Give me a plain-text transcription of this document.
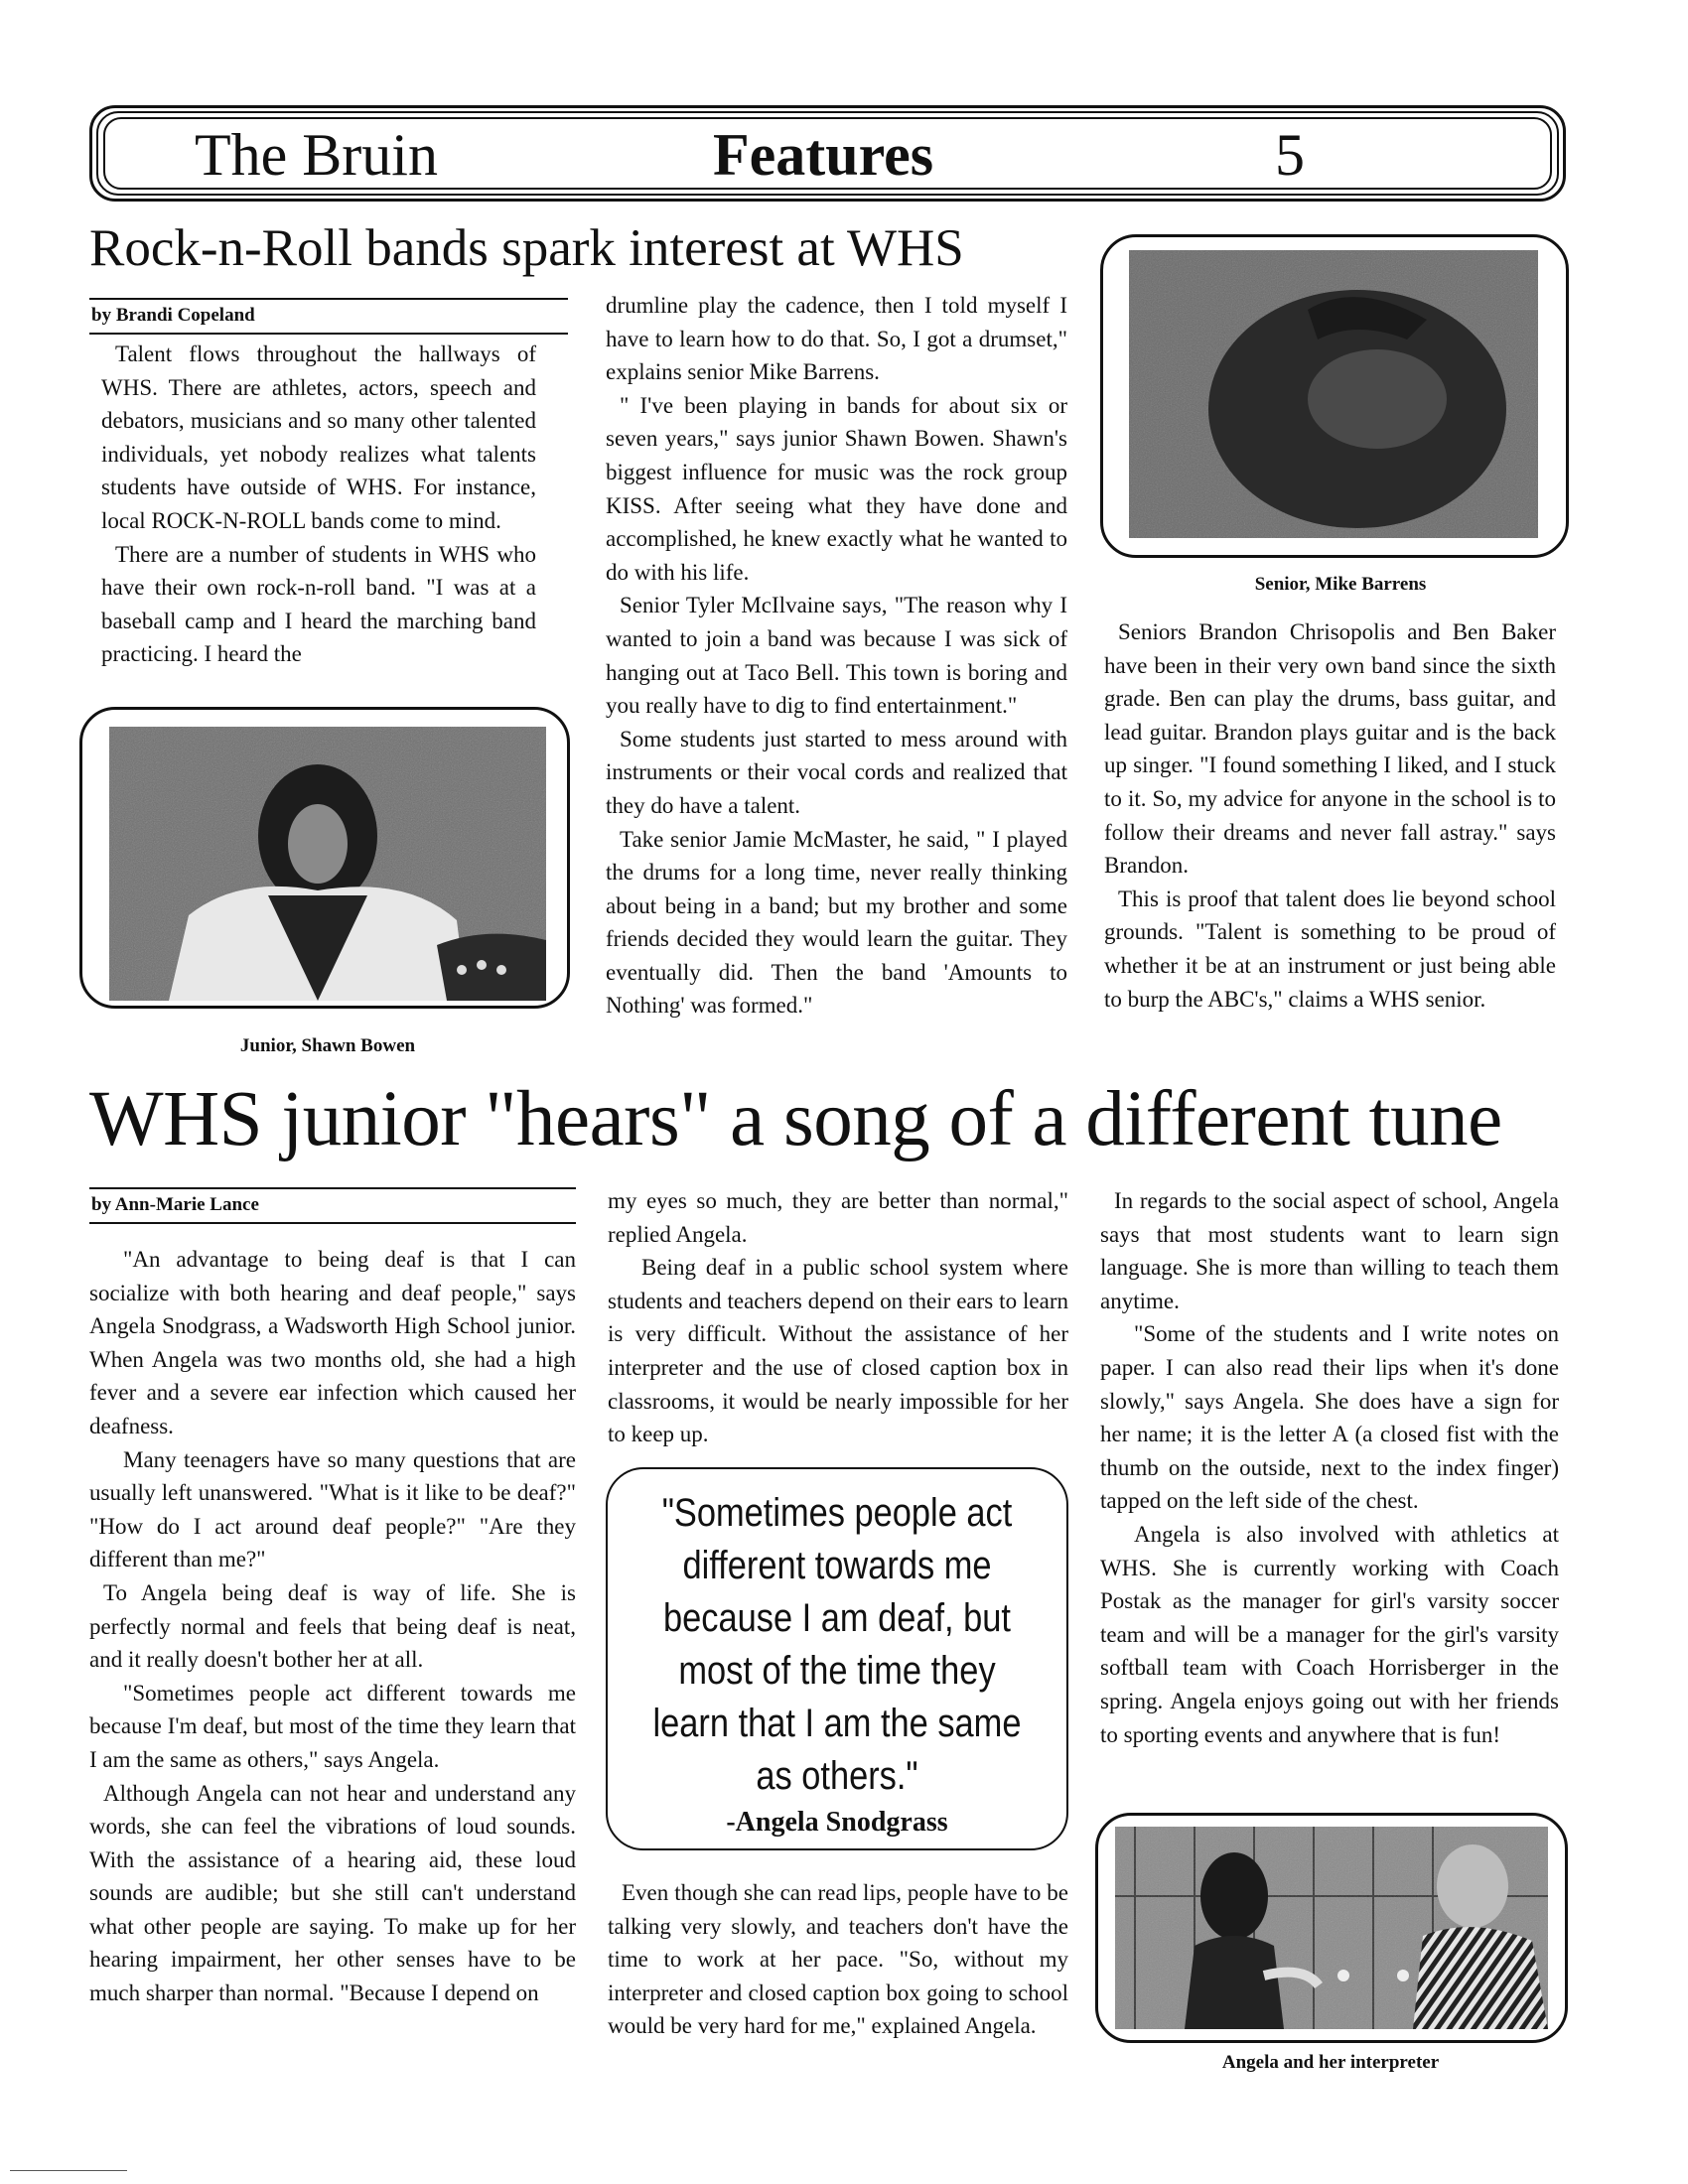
The Bruin	Features	5
Rock-n-Roll bands spark interest at WHS
by Brandi Copeland

Talent flows throughout the hallways of WHS. There are athletes, actors, speech and debators, musicians and so many other talented individuals, yet nobody realizes what talents students have outside of WHS. For instance, local ROCK-N-ROLL bands come to mind.

There are a number of students in WHS who have their own rock-n-roll band. "I was at a baseball camp and I heard the marching band practicing. I heard the

Junior, Shawn Bowen

drumline play the cadence, then I told myself I have to learn how to do that. So, I got a drumset," explains senior Mike Barrens.

" I've been playing in bands for about six or seven years," says junior Shawn Bowen. Shawn's biggest influence for music was the rock group KISS. After seeing what they have done and accomplished, he knew exactly what he wanted to do with his life.

Senior Tyler McIlvaine says, "The reason why I wanted to join a band was because I was sick of hanging out at Taco Bell. This town is boring and you really have to dig to find entertainment."

Some students just started to mess around with instruments or their vocal cords and realized that they do have a talent.

Take senior Jamie McMaster, he said, " I played the drums for a long time, never really thinking about being in a band; but my brother and some friends decided they would learn the guitar. They eventually did. Then the band 'Amounts to Nothing' was formed."

Senior, Mike Barrens

Seniors Brandon Chrisopolis and Ben Baker have been in their very own band since the sixth grade. Ben can play the drums, bass guitar, and lead guitar. Brandon plays guitar and is the back up singer. "I found something I liked, and I stuck to it. So, my advice for anyone in the school is to follow their dreams and never fall astray." says Brandon.

This is proof that talent does lie beyond school grounds. "Talent is something to be proud of whether it be at an instrument or just being able to burp the ABC's," claims a WHS senior.

WHS junior "hears" a song of a different tune
by Ann-Marie Lance

"An advantage to being deaf is that I can socialize with both hearing and deaf people," says Angela Snodgrass, a Wadsworth High School junior. When Angela was two months old, she had a high fever and a severe ear infection which caused her deafness.

Many teenagers have so many questions that are usually left unanswered. "What is it like to be deaf?" "How do I act around deaf people?" "Are they different than me?"

To Angela being deaf is way of life. She is perfectly normal and feels that being deaf is neat, and it really doesn't bother her at all.

"Sometimes people act different towards me because I'm deaf, but most of the time they learn that I am the same as others," says Angela.

Although Angela can not hear and understand any words, she can feel the vibrations of loud sounds. With the assistance of a hearing aid, these loud sounds are audible; but she still can't understand what other people are saying. To make up for her hearing impairment, her other senses have to be much sharper than normal. "Because I depend on

my eyes so much, they are better than normal," replied Angela.

Being deaf in a public school system where students and teachers depend on their ears to learn is very difficult. Without the assistance of her interpreter and the use of closed caption box in classrooms, it would be nearly impossible for her to keep up.

"Sometimes people act different towards me because I am deaf, but most of the time they learn that I am the same as others."
-Angela Snodgrass

Even though she can read lips, people have to be talking very slowly, and teachers don't have the time to work at her pace. "So, without my interpreter and closed caption box going to school would be very hard for me," explained Angela.

In regards to the social aspect of school, Angela says that most students want to learn sign language. She is more than willing to teach them anytime.

"Some of the students and I write notes on paper. I can also read their lips when it's done slowly," says Angela. She does have a sign for her name; it is the letter A (a closed fist with the thumb on the outside, next to the index finger) tapped on the left side of the chest.

Angela is also involved with athletics at WHS. She is currently working with Coach Postak as the manager for girl's varsity soccer team and will be a manager for the girl's varsity softball team with Coach Horrisberger in the spring. Angela enjoys going out with her friends to sporting events and anywhere that is fun!

Angela and her interpreter
